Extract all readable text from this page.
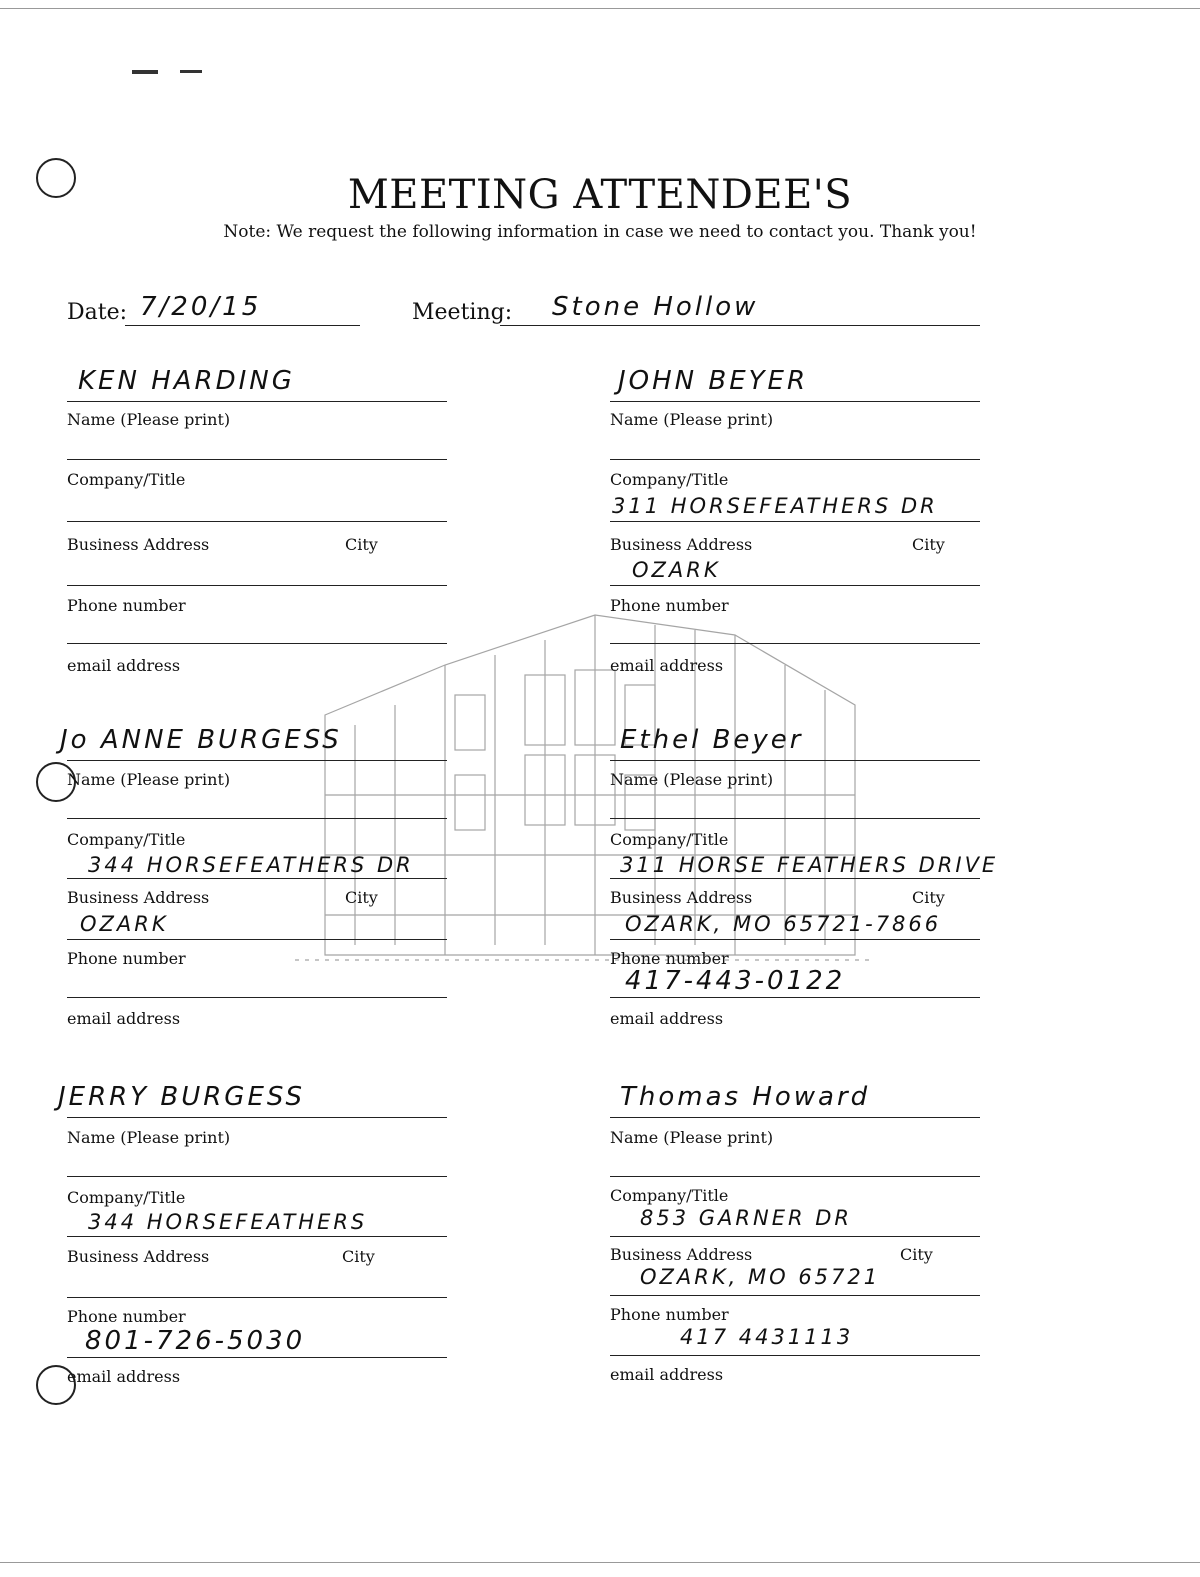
MEETING ATTENDEE'S
Note: We request the following information in case we need to contact you. Thank you!
Date: 7/20/15	Meeting: Stone Hollow
KEN HARDING
Name (Please print)
Company/Title
Business Address	City
Phone number
email address
JOHN BEYER
Name (Please print)
Company/Title
311 HORSEFEATHERS DR
Business Address	City
OZARK
Phone number
email address
Jo ANNE BURGESS
Name (Please print)
Company/Title
344 HORSEFEATHERS DR
Business Address	City
OZARK
Phone number
email address
Ethel Beyer
Name (Please print)
Company/Title
311 HORSE FEATHERS DRIVE
Business Address	City
OZARK, MO 65721-7866
Phone number
417-443-0122
email address
JERRY BURGESS
Name (Please print)
Company/Title
344 HORSEFEATHERS
Business Address	City
Phone number
801-726-5030
email address
Thomas Howard
Name (Please print)
Company/Title
853 GARNER DR
Business Address	City
OZARK, MO 65721
Phone number
417 4431113
email address
